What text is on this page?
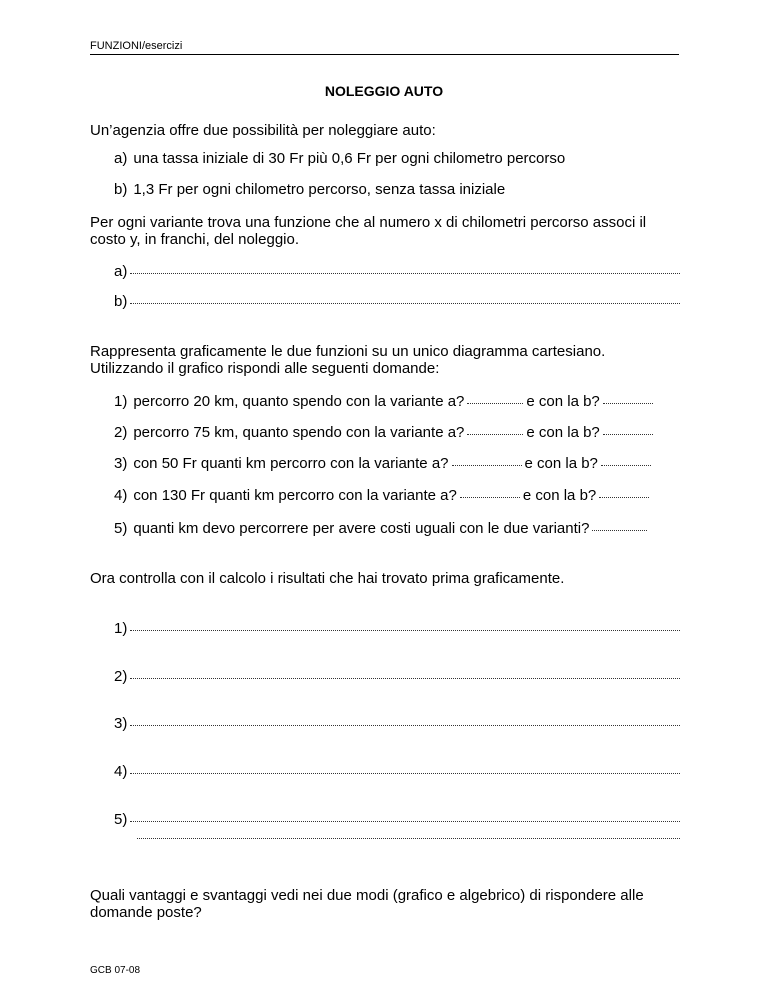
FUNZIONI/esercizi
NOLEGGIO AUTO
Un’agenzia offre due possibilità per noleggiare auto:
a) una tassa iniziale di 30 Fr più 0,6 Fr per ogni chilometro percorso
b) 1,3 Fr per ogni chilometro percorso, senza tassa iniziale
Per ogni variante trova una funzione che al numero x di chilometri percorso associ il costo y, in franchi, del noleggio.
a)
b)
Rappresenta graficamente le due funzioni su un unico diagramma cartesiano. Utilizzando il grafico rispondi alle seguenti domande:
1) percorro 20 km, quanto spendo con la variante a?	e con la b?
2) percorro 75 km, quanto spendo con la variante a?	e con la b?
3) con 50 Fr quanti km percorro con la variante a?	e con la b?
4) con 130 Fr quanti km percorro con la variante a?	e con la b?
5) quanti km devo percorrere per avere costi uguali con le due varianti?
Ora controlla con il calcolo i risultati che hai trovato prima graficamente.
1)
2)
3)
4)
5)
Quali vantaggi e svantaggi vedi nei due modi (grafico e algebrico) di rispondere alle domande poste?
GCB 07-08
